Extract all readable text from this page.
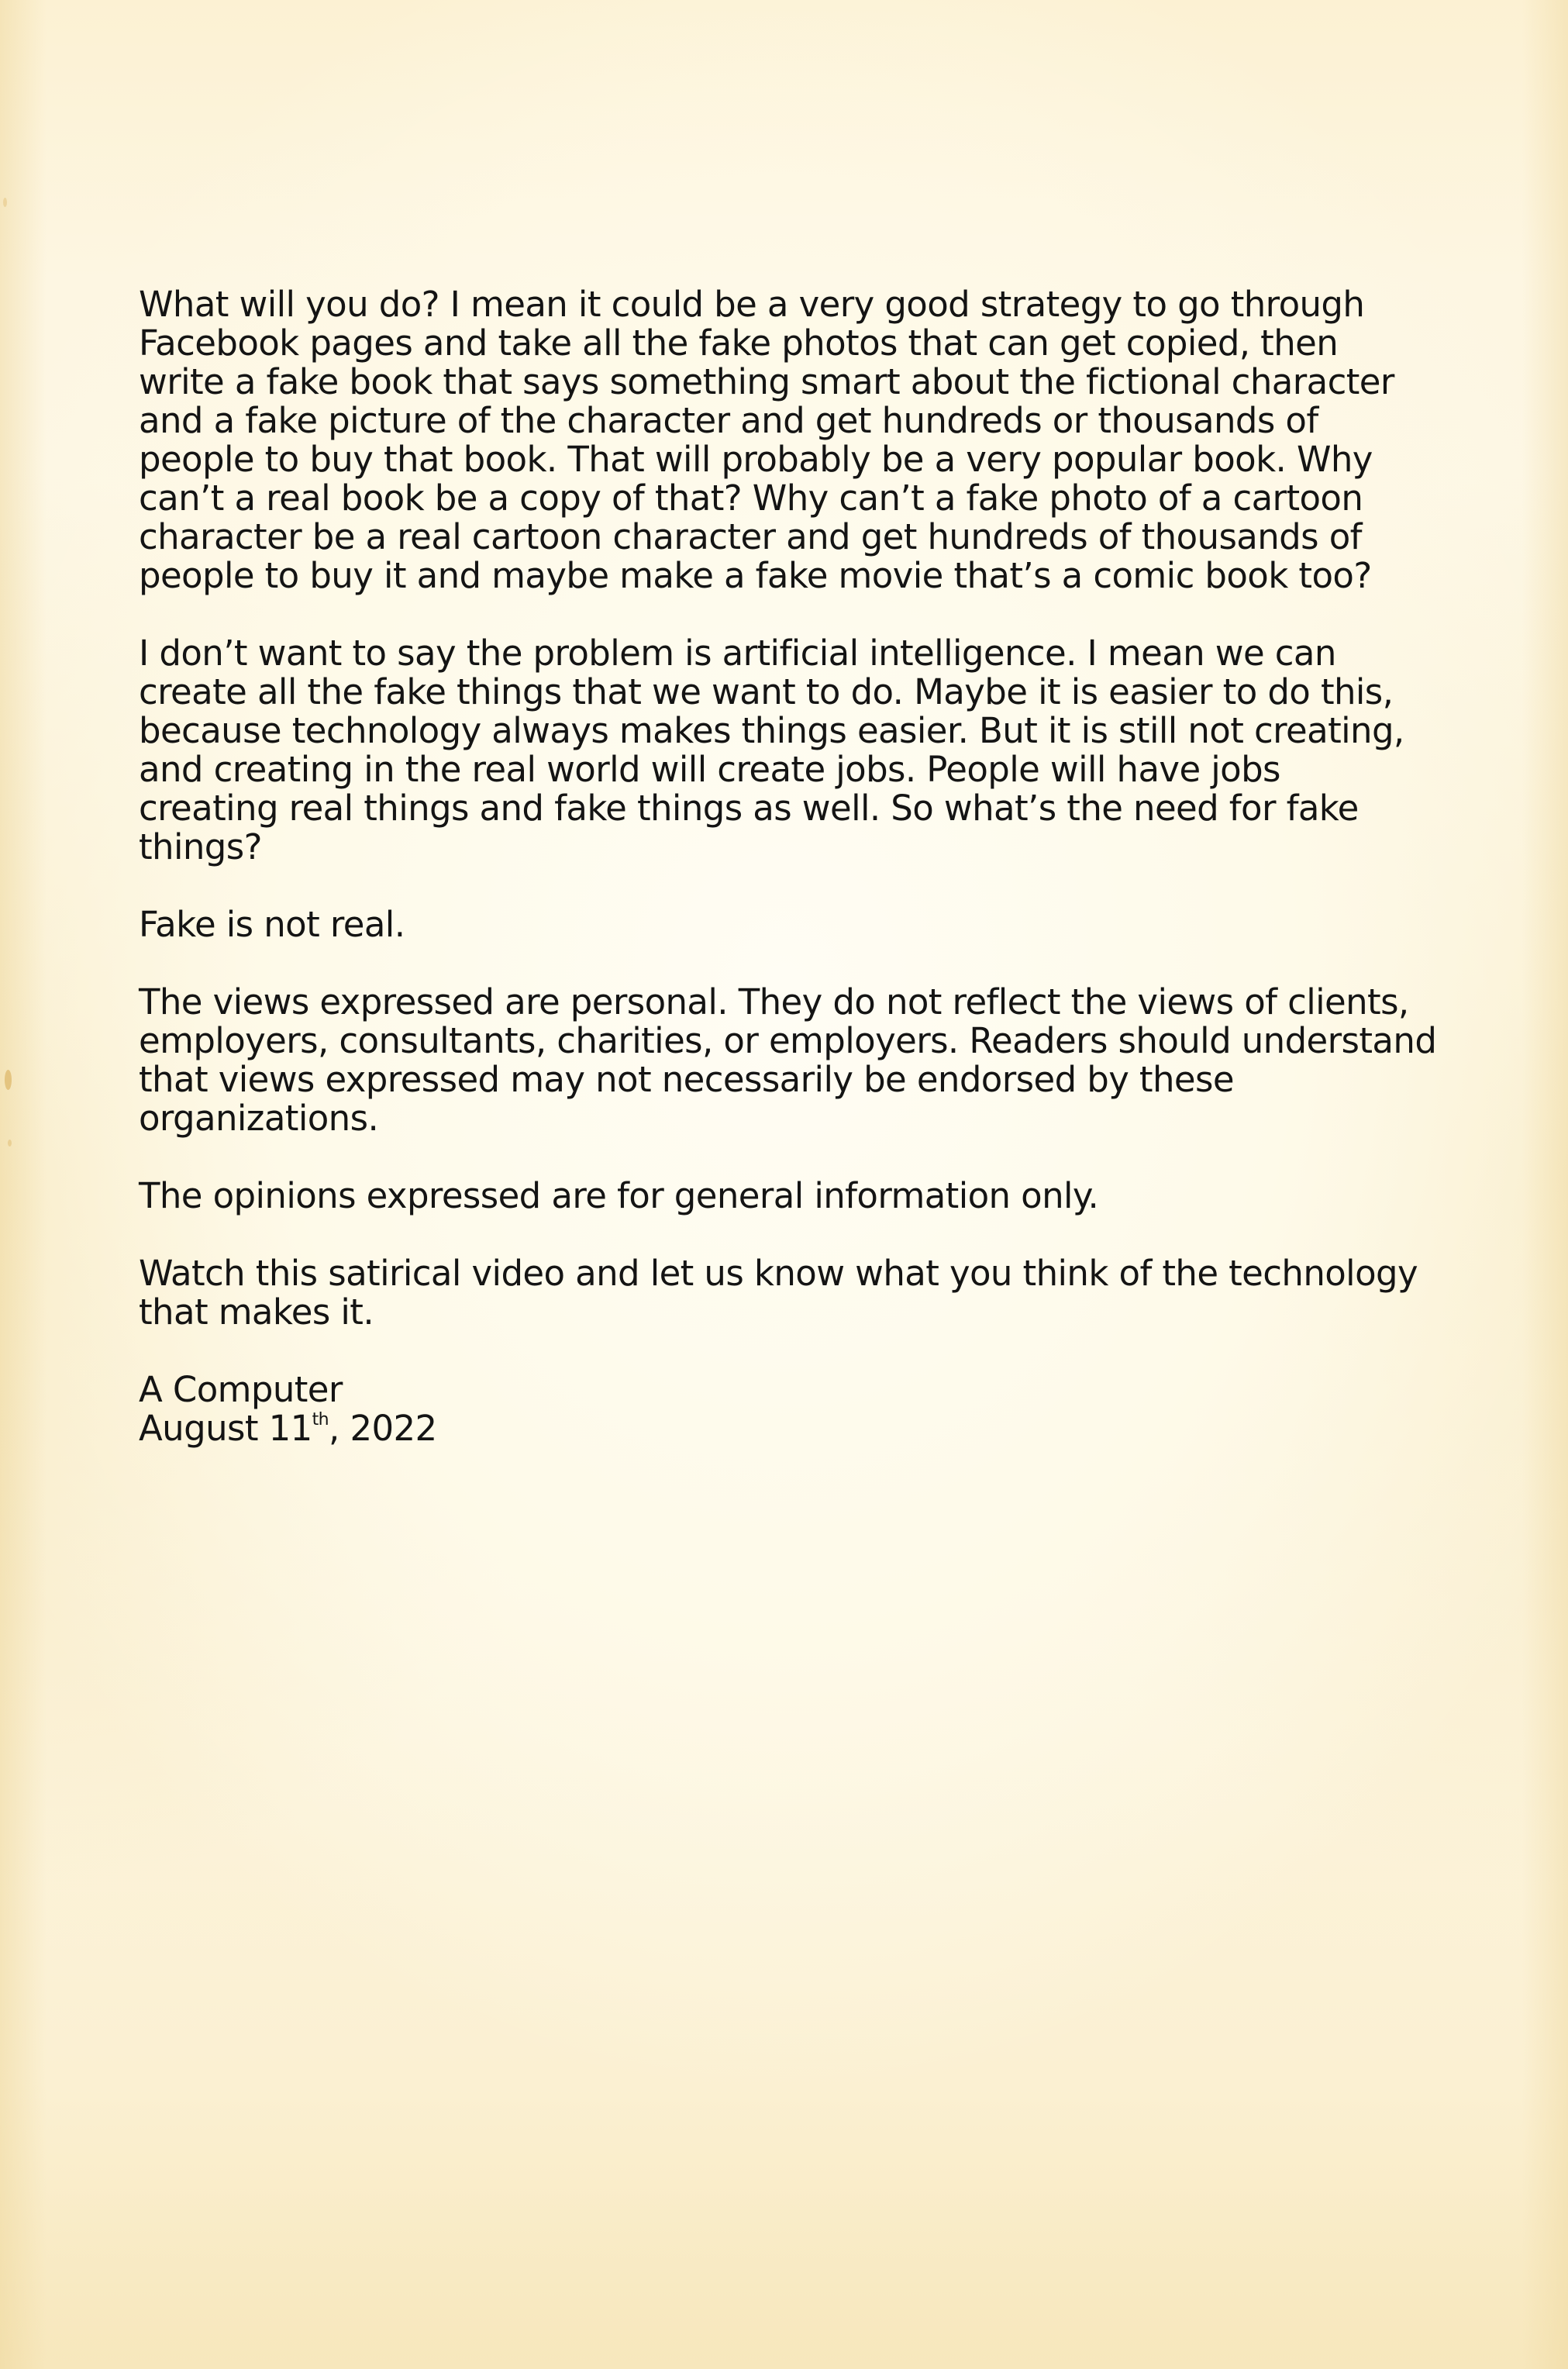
What will you do? I mean it could be a very good strategy to go through
Facebook pages and take all the fake photos that can get copied, then
write a fake book that says something smart about the fictional character
and a fake picture of the character and get hundreds or thousands of
people to buy that book. That will probably be a very popular book. Why
can’t a real book be a copy of that? Why can’t a fake photo of a cartoon
character be a real cartoon character and get hundreds of thousands of
people to buy it and maybe make a fake movie that’s a comic book too?

I don’t want to say the problem is artificial intelligence. I mean we can
create all the fake things that we want to do. Maybe it is easier to do this,
because technology always makes things easier. But it is still not creating,
and creating in the real world will create jobs. People will have jobs
creating real things and fake things as well. So what’s the need for fake
things?

Fake is not real.

The views expressed are personal. They do not reflect the views of clients,
employers, consultants, charities, or employers. Readers should understand
that views expressed may not necessarily be endorsed by these
organizations.

The opinions expressed are for general information only.

Watch this satirical video and let us know what you think of the technology
that makes it.

A Computer
August 11th, 2022
